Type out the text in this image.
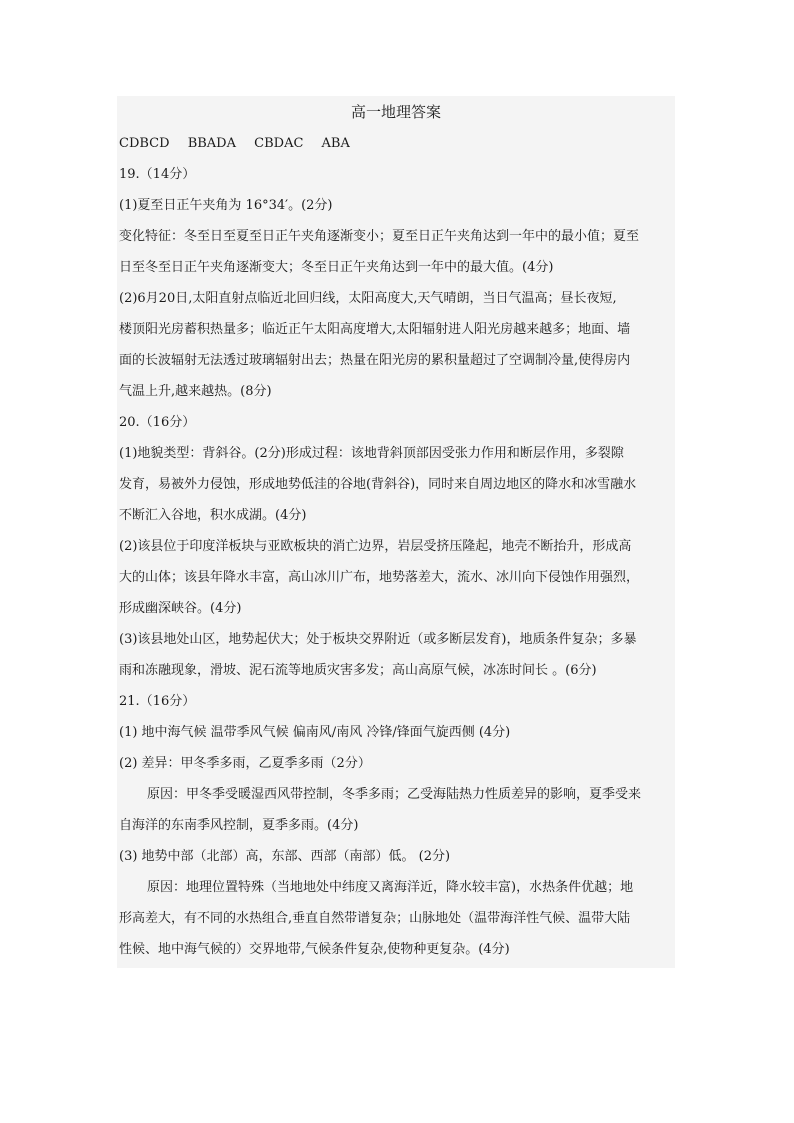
高一地理答案
CDBCD BBADA CBDAC ABA
19.（14分）
(1)夏至日正午夹角为 16°34′。(2分)
变化特征：冬至日至夏至日正午夹角逐渐变小；夏至日正午夹角达到一年中的最小值；夏至
日至冬至日正午夹角逐渐变大；冬至日正午夹角达到一年中的最大值。(4分)
(2)6月20日,太阳直射点临近北回归线，太阳高度大,天气晴朗，当日气温高；昼长夜短,
楼顶阳光房蓄积热量多；临近正午太阳高度增大,太阳辐射进人阳光房越来越多；地面、墙
面的长波辐射无法透过玻璃辐射出去；热量在阳光房的累积量超过了空调制冷量,使得房内
气温上升,越来越热。(8分)
20.（16分）
(1)地貌类型：背斜谷。(2分)形成过程：该地背斜顶部因受张力作用和断层作用，多裂隙
发育，易被外力侵蚀，形成地势低洼的谷地(背斜谷)，同时来自周边地区的降水和冰雪融水
不断汇入谷地，积水成湖。(4分)
(2)该县位于印度洋板块与亚欧板块的消亡边界，岩层受挤压隆起，地壳不断抬升，形成高
大的山体；该县年降水丰富，高山冰川广布，地势落差大，流水、冰川向下侵蚀作用强烈，
形成幽深峡谷。(4分)
(3)该县地处山区，地势起伏大；处于板块交界附近（或多断层发育)，地质条件复杂；多暴
雨和冻融现象，滑坡、泥石流等地质灾害多发；高山高原气候，冰冻时间长 。(6分)
21.（16分）
(1) 地中海气候 温带季风气候 偏南风/南风 冷锋/锋面气旋西侧 (4分)
(2) 差异：甲冬季多雨，乙夏季多雨（2分）
原因：甲冬季受暖湿西风带控制，冬季多雨；乙受海陆热力性质差异的影响，夏季受来
自海洋的东南季风控制，夏季多雨。(4分)
(3) 地势中部（北部）高，东部、西部（南部）低。 (2分)
原因：地理位置特殊（当地地处中纬度又离海洋近，降水较丰富)，水热条件优越；地
形高差大，有不同的水热组合,垂直自然带谱复杂；山脉地处（温带海洋性气候、温带大陆
性候、地中海气候的）交界地带,气候条件复杂,使物种更复杂。(4分)
